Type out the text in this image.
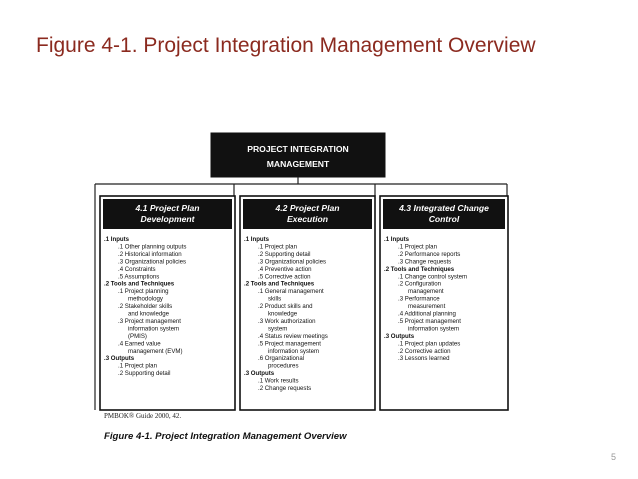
Figure 4-1. Project Integration Management Overview
PROJECT INTEGRATION
MANAGEMENT
4.1 Project Plan
Development
.1 Inputs
.1 Other planning outputs
.2 Historical information
.3 Organizational policies
.4 Constraints
.5 Assumptions
.2 Tools and Techniques
.1 Project planning
methodology
.2 Stakeholder skills
and knowledge
.3 Project management
information system
(PMIS)
.4 Earned value
management (EVM)
.3 Outputs
.1 Project plan
.2 Supporting detail
4.2 Project Plan
Execution
.1 Inputs
.1 Project plan
.2 Supporting detail
.3 Organizational policies
.4 Preventive action
.5 Corrective action
.2 Tools and Techniques
.1 General management
skills
.2 Product skills and
knowledge
.3 Work authorization
system
.4 Status review meetings
.5 Project management
information system
.6 Organizational
procedures
.3 Outputs
.1 Work results
.2 Change requests
4.3 Integrated Change
Control
.1 Inputs
.1 Project plan
.2 Performance reports
.3 Change requests
.2 Tools and Techniques
.1 Change control system
.2 Configuration
management
.3 Performance
measurement
.4 Additional planning
.5 Project management
information system
.3 Outputs
.1 Project plan updates
.2 Corrective action
.3 Lessons learned

PMBOK® Guide 2000, 42.

Figure 4-1. Project Integration Management Overview

5
